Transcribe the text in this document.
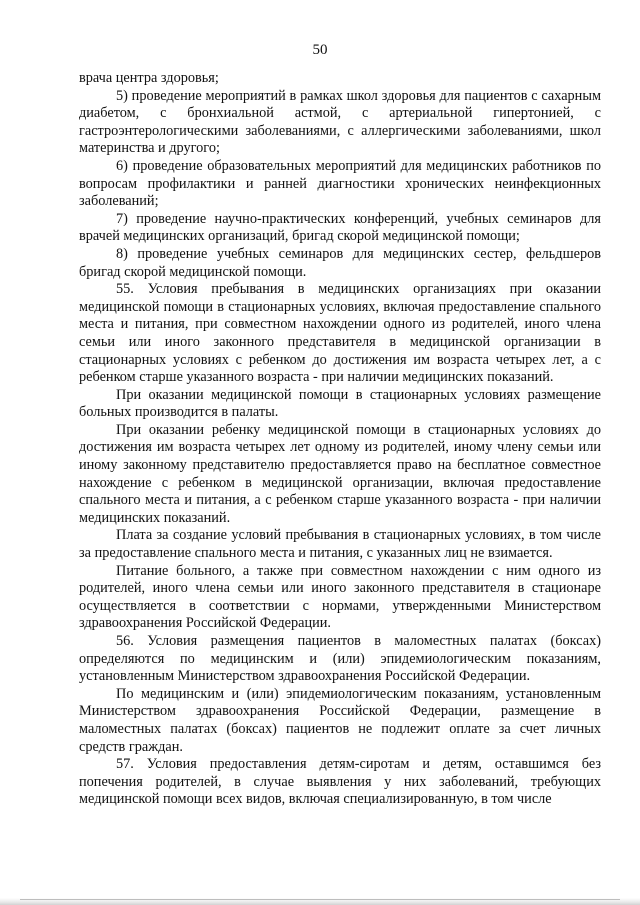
50

врача центра здоровья;

5) проведение мероприятий в рамках школ здоровья для пациентов с сахарным диабетом, с бронхиальной астмой, с артериальной гипертонией, с гастроэнтерологическими заболеваниями, с аллергическими заболеваниями, школ материнства и другого;

6) проведение образовательных мероприятий для медицинских работников по вопросам профилактики и ранней диагностики хронических неинфекционных заболеваний;

7) проведение научно-практических конференций, учебных семинаров для врачей медицинских организаций, бригад скорой медицинской помощи;

8) проведение учебных семинаров для медицинских сестер, фельдшеров бригад скорой медицинской помощи.

55. Условия пребывания в медицинских организациях при оказании медицинской помощи в стационарных условиях, включая предоставление спального места и питания, при совместном нахождении одного из родителей, иного члена семьи или иного законного представителя в медицинской организации в стационарных условиях с ребенком до достижения им возраста четырех лет, а с ребенком старше указанного возраста - при наличии медицинских показаний.

При оказании медицинской помощи в стационарных условиях размещение больных производится в палаты.

При оказании ребенку медицинской помощи в стационарных условиях до достижения им возраста четырех лет одному из родителей, иному члену семьи или иному законному представителю предоставляется право на бесплатное совместное нахождение с ребенком в медицинской организации, включая предоставление спального места и питания, а с ребенком старше указанного возраста - при наличии медицинских показаний.

Плата за создание условий пребывания в стационарных условиях, в том числе за предоставление спального места и питания, с указанных лиц не взимается.

Питание больного, а также при совместном нахождении с ним одного из родителей, иного члена семьи или иного законного представителя в стационаре осуществляется в соответствии с нормами, утвержденными Министерством здравоохранения Российской Федерации.

56. Условия размещения пациентов в маломестных палатах (боксах) определяются по медицинским и (или) эпидемиологическим показаниям, установленным Министерством здравоохранения Российской Федерации.

По медицинским и (или) эпидемиологическим показаниям, установленным Министерством здравоохранения Российской Федерации, размещение в маломестных палатах (боксах) пациентов не подлежит оплате за счет личных средств граждан.

57. Условия предоставления детям-сиротам и детям, оставшимся без попечения родителей, в случае выявления у них заболеваний, требующих медицинской помощи всех видов, включая специализированную, в том числе
